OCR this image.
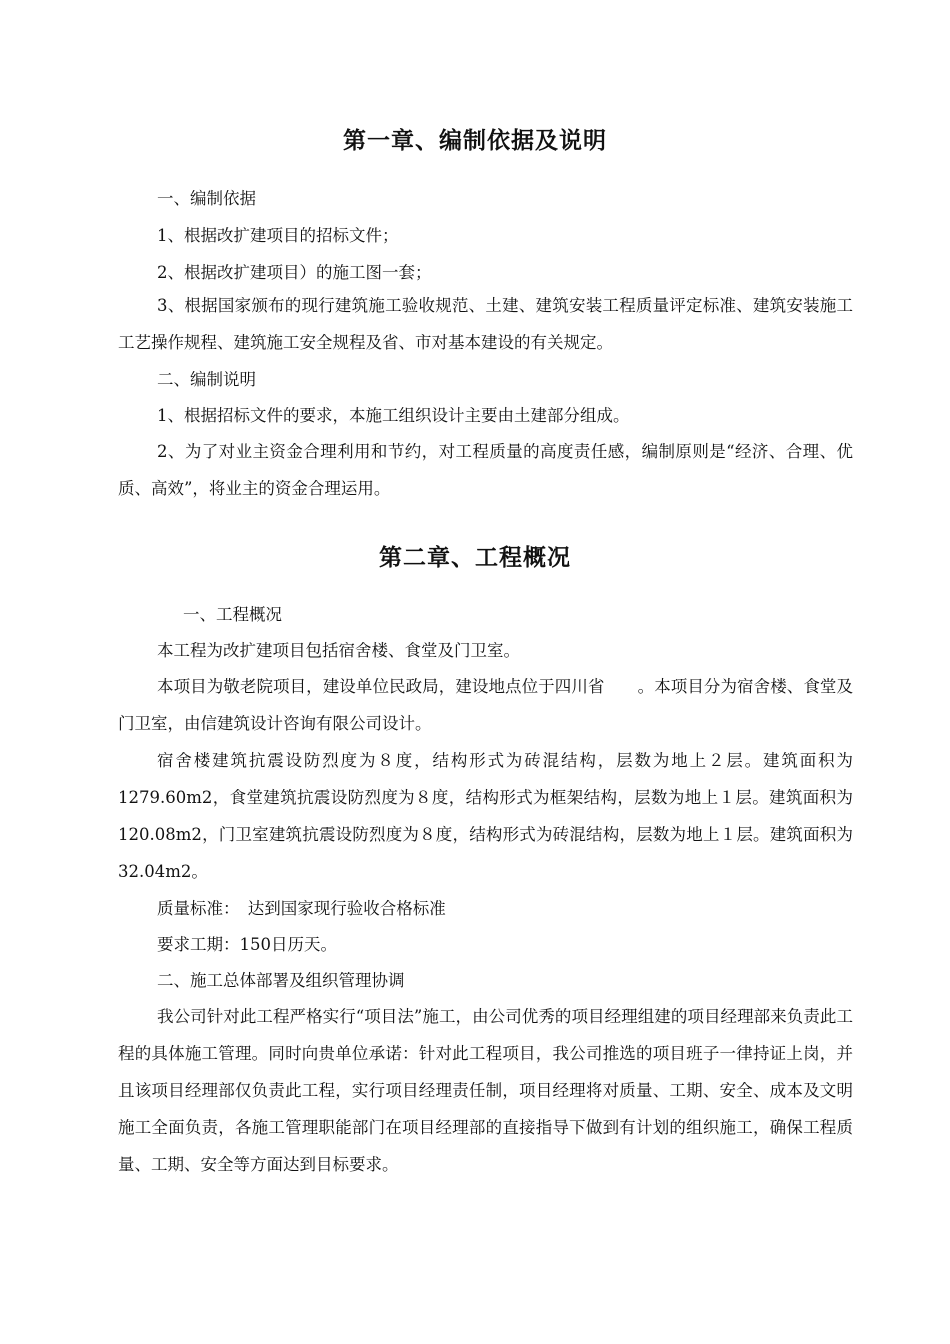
第一章、编制依据及说明
一、编制依据
1、根据改扩建项目的招标文件；
2、根据改扩建项目）的施工图一套；
3、根据国家颁布的现行建筑施工验收规范、土建、建筑安装工程质量评定标准、建筑安装施工工艺操作规程、建筑施工安全规程及省、市对基本建设的有关规定。
二、编制说明
1、根据招标文件的要求，本施工组织设计主要由土建部分组成。
2、为了对业主资金合理利用和节约，对工程质量的高度责任感，编制原则是“经济、合理、优质、高效”，将业主的资金合理运用。
第二章、工程概况
一、工程概况
本工程为改扩建项目包括宿舍楼、食堂及门卫室。
本项目为敬老院项目，建设单位民政局，建设地点位于四川省　　。本项目分为宿舍楼、食堂及门卫室，由信建筑设计咨询有限公司设计。
宿舍楼建筑抗震设防烈度为８度，结构形式为砖混结构，层数为地上２层。建筑面积为1279.60m2，食堂建筑抗震设防烈度为８度，结构形式为框架结构，层数为地上１层。建筑面积为120.08m2，门卫室建筑抗震设防烈度为８度，结构形式为砖混结构，层数为地上１层。建筑面积为32.04m2。
质量标准：　达到国家现行验收合格标准
要求工期：150日历天。
二、施工总体部署及组织管理协调
我公司针对此工程严格实行“项目法”施工，由公司优秀的项目经理组建的项目经理部来负责此工程的具体施工管理。同时向贵单位承诺：针对此工程项目，我公司推选的项目班子一律持证上岗，并且该项目经理部仅负责此工程，实行项目经理责任制，项目经理将对质量、工期、安全、成本及文明施工全面负责，各施工管理职能部门在项目经理部的直接指导下做到有计划的组织施工，确保工程质量、工期、安全等方面达到目标要求。
